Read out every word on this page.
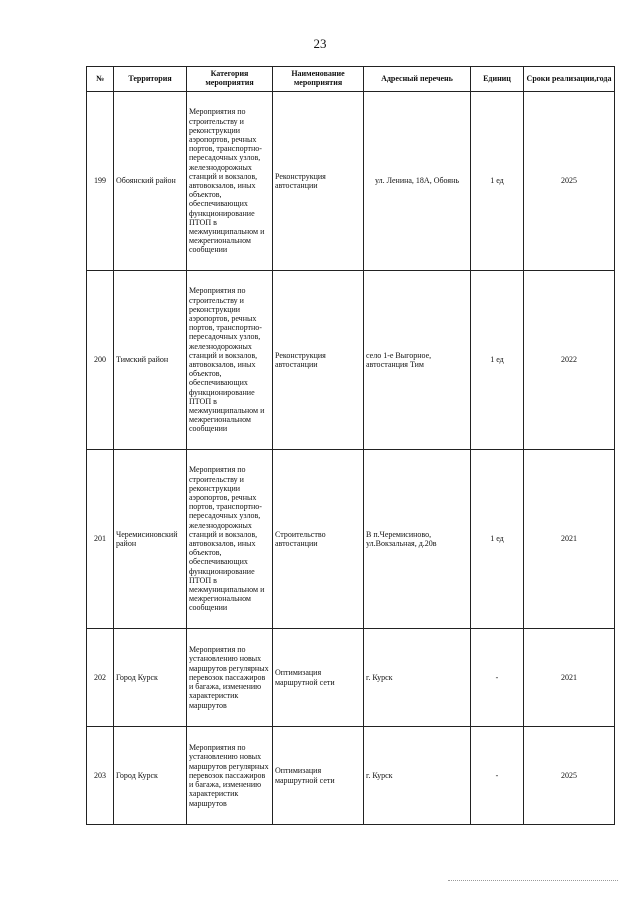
23
№	Территория	Категория мероприятия	Наименование мероприятия	Адресный перечень	Единиц	Сроки реализации,года
199	Обоянский район	Мероприятия по строительству и реконструкции аэропортов, речных портов, транспортно-пересадочных узлов, железнодорожных станций и вокзалов, автовокзалов, иных объектов, обеспечивающих функционирование ПТОП в межмуниципальном и межрегиональном сообщении	Реконструкция автостанции	ул. Ленина, 18А, Обоянь	1 ед	2025
200	Тимский район	Мероприятия по строительству и реконструкции аэропортов, речных портов, транспортно-пересадочных узлов, железнодорожных станций и вокзалов, автовокзалов, иных объектов, обеспечивающих функционирование ПТОП в межмуниципальном и межрегиональном сообщении	Реконструкция автостанции	село 1-е Выгорное, автостанция Тим	1 ед	2022
201	Черемисиновский район	Мероприятия по строительству и реконструкции аэропортов, речных портов, транспортно-пересадочных узлов, железнодорожных станций и вокзалов, автовокзалов, иных объектов, обеспечивающих функционирование ПТОП в межмуниципальном и межрегиональном сообщении	Строительство автостанции	В п.Черемисиново, ул.Вокзальная, д.20в	1 ед	2021
202	Город Курск	Мероприятия по установлению новых маршрутов регулярных перевозок пассажиров и багажа, изменению характеристик маршрутов	Оптимизация маршрутной сети	г. Курск	-	2021
203	Город Курск	Мероприятия по установлению новых маршрутов регулярных перевозок пассажиров и багажа, изменению характеристик маршрутов	Оптимизация маршрутной сети	г. Курск	-	2025
